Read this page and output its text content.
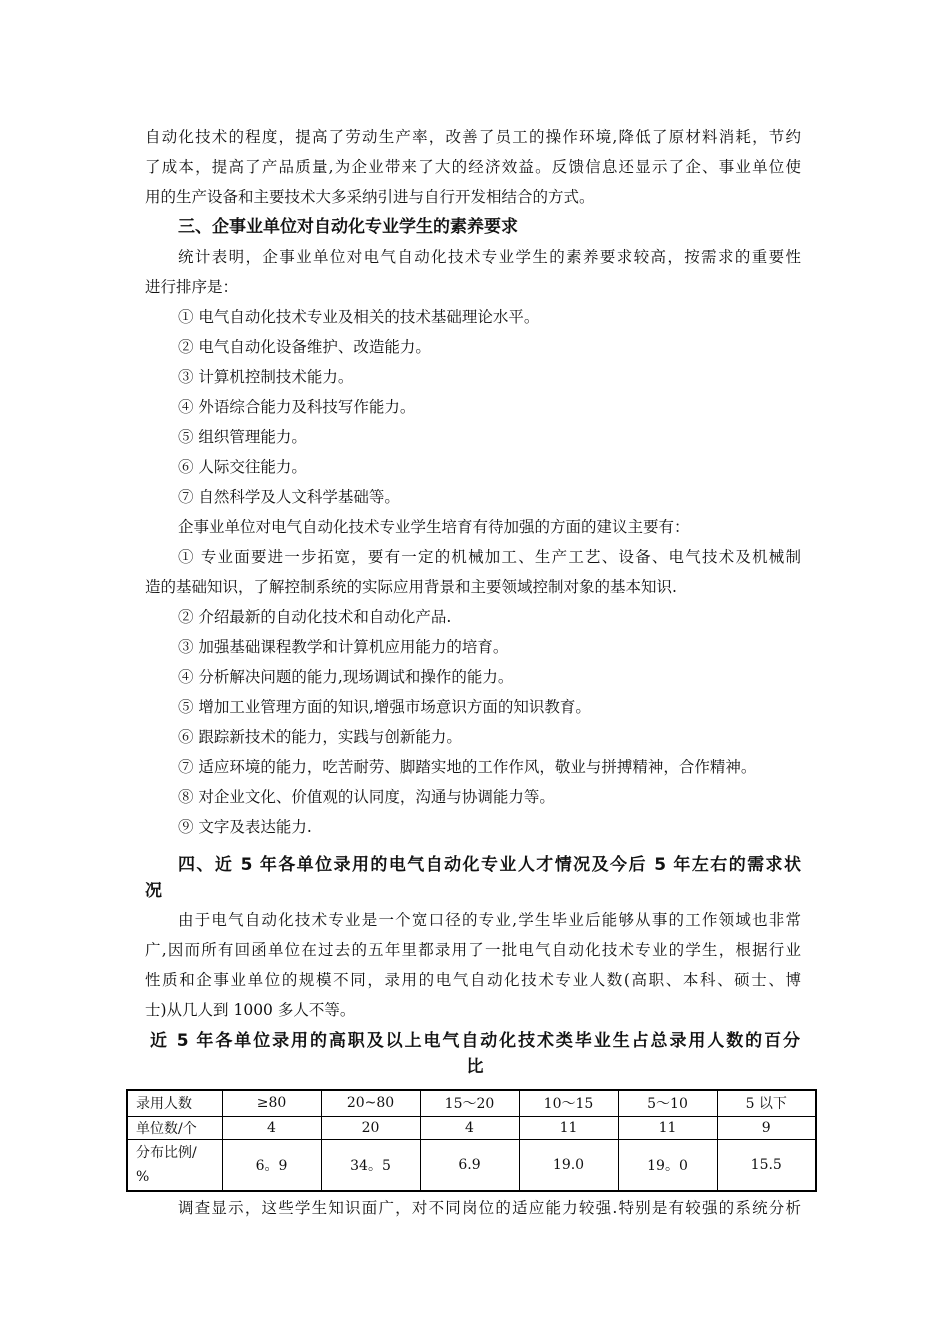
自动化技术的程度，提高了劳动生产率，改善了员工的操作环境,降低了原材料消耗，节约
了成本，提高了产品质量,为企业带来了大的经济效益。反馈信息还显示了企、事业单位使
用的生产设备和主要技术大多采纳引进与自行开发相结合的方式。
三、企事业单位对自动化专业学生的素养要求
统计表明，企事业单位对电气自动化技术专业学生的素养要求较高，按需求的重要性
进行排序是：
① 电气自动化技术专业及相关的技术基础理论水平。
② 电气自动化设备维护、改造能力。
③ 计算机控制技术能力。
④ 外语综合能力及科技写作能力。
⑤ 组织管理能力。
⑥ 人际交往能力。
⑦ 自然科学及人文科学基础等。
企事业单位对电气自动化技术专业学生培育有待加强的方面的建议主要有：
① 专业面要进一步拓宽，要有一定的机械加工、生产工艺、设备、电气技术及机械制
造的基础知识，了解控制系统的实际应用背景和主要领域控制对象的基本知识.
② 介绍最新的自动化技术和自动化产品.
③ 加强基础课程教学和计算机应用能力的培育。
④ 分析解决问题的能力,现场调试和操作的能力。
⑤ 增加工业管理方面的知识,增强市场意识方面的知识教育。
⑥ 跟踪新技术的能力，实践与创新能力。
⑦ 适应环境的能力，吃苦耐劳、脚踏实地的工作作风，敬业与拼搏精神，合作精神。
⑧ 对企业文化、价值观的认同度，沟通与协调能力等。
⑨ 文字及表达能力.
四、近 5 年各单位录用的电气自动化专业人才情况及今后 5 年左右的需求状
况
由于电气自动化技术专业是一个宽口径的专业,学生毕业后能够从事的工作领域也非常
广,因而所有回函单位在过去的五年里都录用了一批电气自动化技术专业的学生，根据行业
性质和企事业单位的规模不同，录用的电气自动化技术专业人数(高职、本科、硕士、博
士)从几人到 1000 多人不等。
近 5 年各单位录用的高职及以上电气自动化技术类毕业生占总录用人数的百分
比
录用人数	≥80	20~80	15～20	10～15	5～10	5 以下
单位数/个	4	20	4	11	11	9
分布比例/
%	6。9	34。5	6.9	19.0	19。0	15.5
调查显示，这些学生知识面广，对不同岗位的适应能力较强.特别是有较强的系统分析
